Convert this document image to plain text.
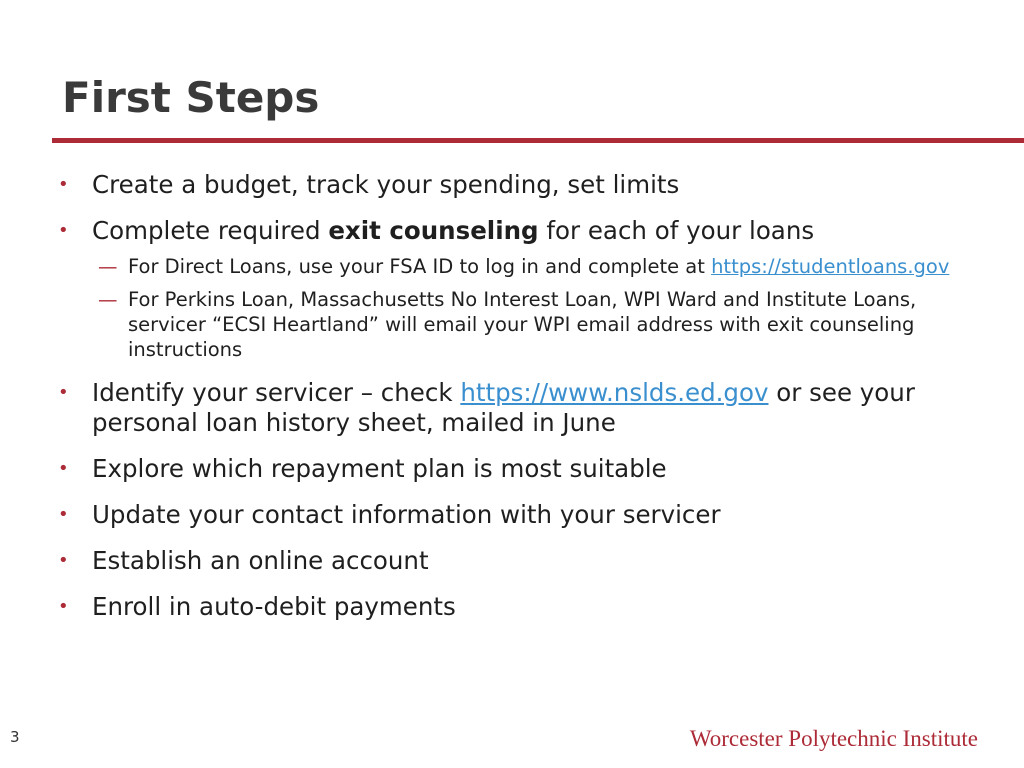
First Steps
• Create a budget, track your spending, set limits
• Complete required exit counseling for each of your loans
— For Direct Loans, use your FSA ID to log in and complete at https://studentloans.gov
— For Perkins Loan, Massachusetts No Interest Loan, WPI Ward and Institute Loans, servicer “ECSI Heartland” will email your WPI email address with exit counseling instructions
• Identify your servicer – check https://www.nslds.ed.gov or see your personal loan history sheet, mailed in June
• Explore which repayment plan is most suitable
• Update your contact information with your servicer
• Establish an online account
• Enroll in auto-debit payments
3	Worcester Polytechnic Institute
